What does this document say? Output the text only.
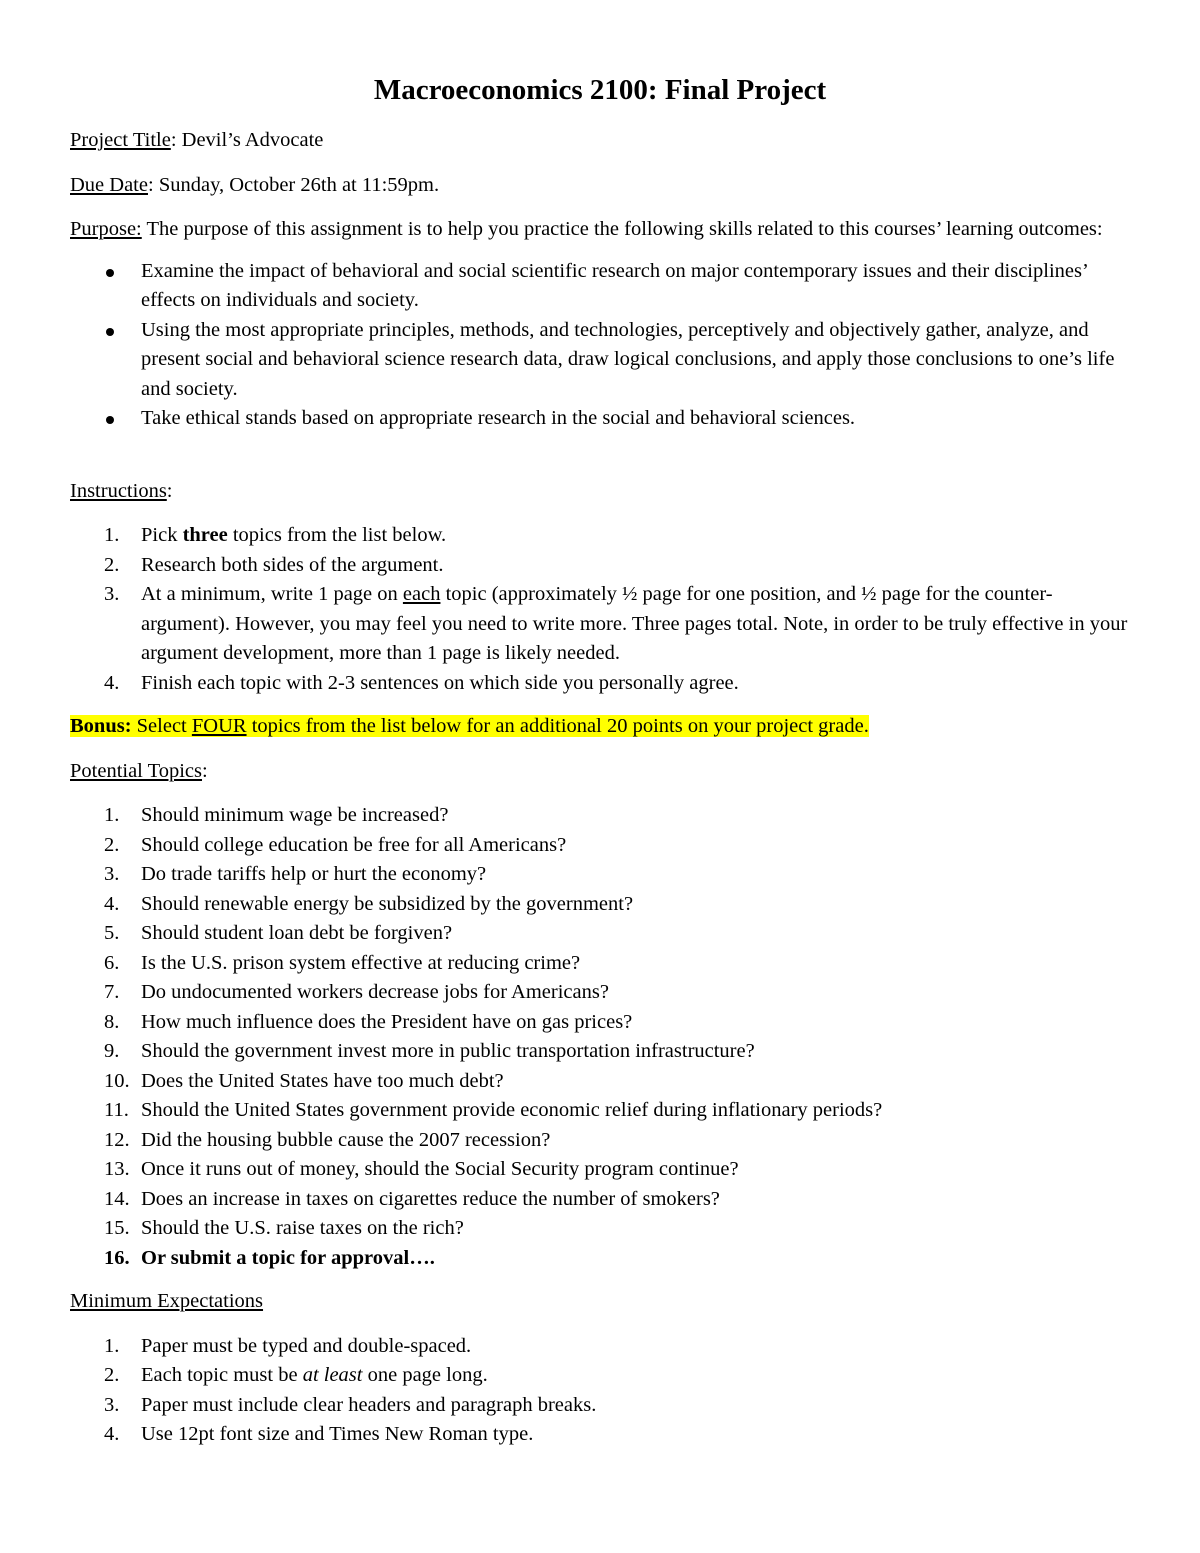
Macroeconomics 2100: Final Project

Project Title: Devil’s Advocate

Due Date: Sunday, October 26th at 11:59pm.

Purpose: The purpose of this assignment is to help you practice the following skills related to this courses’ learning outcomes:

Examine the impact of behavioral and social scientific research on major contemporary issues and their disciplines’ effects on individuals and society.
Using the most appropriate principles, methods, and technologies, perceptively and objectively gather, analyze, and present social and behavioral science research data, draw logical conclusions, and apply those conclusions to one’s life and society.
Take ethical stands based on appropriate research in the social and behavioral sciences.

Instructions:

1.	Pick three topics from the list below.
2.	Research both sides of the argument.
3.	At a minimum, write 1 page on each topic (approximately ½ page for one position, and ½ page for the counter-argument). However, you may feel you need to write more. Three pages total. Note, in order to be truly effective in your argument development, more than 1 page is likely needed.
4.	Finish each topic with 2-3 sentences on which side you personally agree.

Bonus: Select FOUR topics from the list below for an additional 20 points on your project grade.

Potential Topics:

1.	Should minimum wage be increased?
2.	Should college education be free for all Americans?
3.	Do trade tariffs help or hurt the economy?
4.	Should renewable energy be subsidized by the government?
5.	Should student loan debt be forgiven?
6.	Is the U.S. prison system effective at reducing crime?
7.	Do undocumented workers decrease jobs for Americans?
8.	How much influence does the President have on gas prices?
9.	Should the government invest more in public transportation infrastructure?
10. Does the United States have too much debt?
11. Should the United States government provide economic relief during inflationary periods?
12. Did the housing bubble cause the 2007 recession?
13. Once it runs out of money, should the Social Security program continue?
14. Does an increase in taxes on cigarettes reduce the number of smokers?
15. Should the U.S. raise taxes on the rich?
16. Or submit a topic for approval….

Minimum Expectations

1.	Paper must be typed and double-spaced.
2.	Each topic must be at least one page long.
3.	Paper must include clear headers and paragraph breaks.
4.	Use 12pt font size and Times New Roman type.
